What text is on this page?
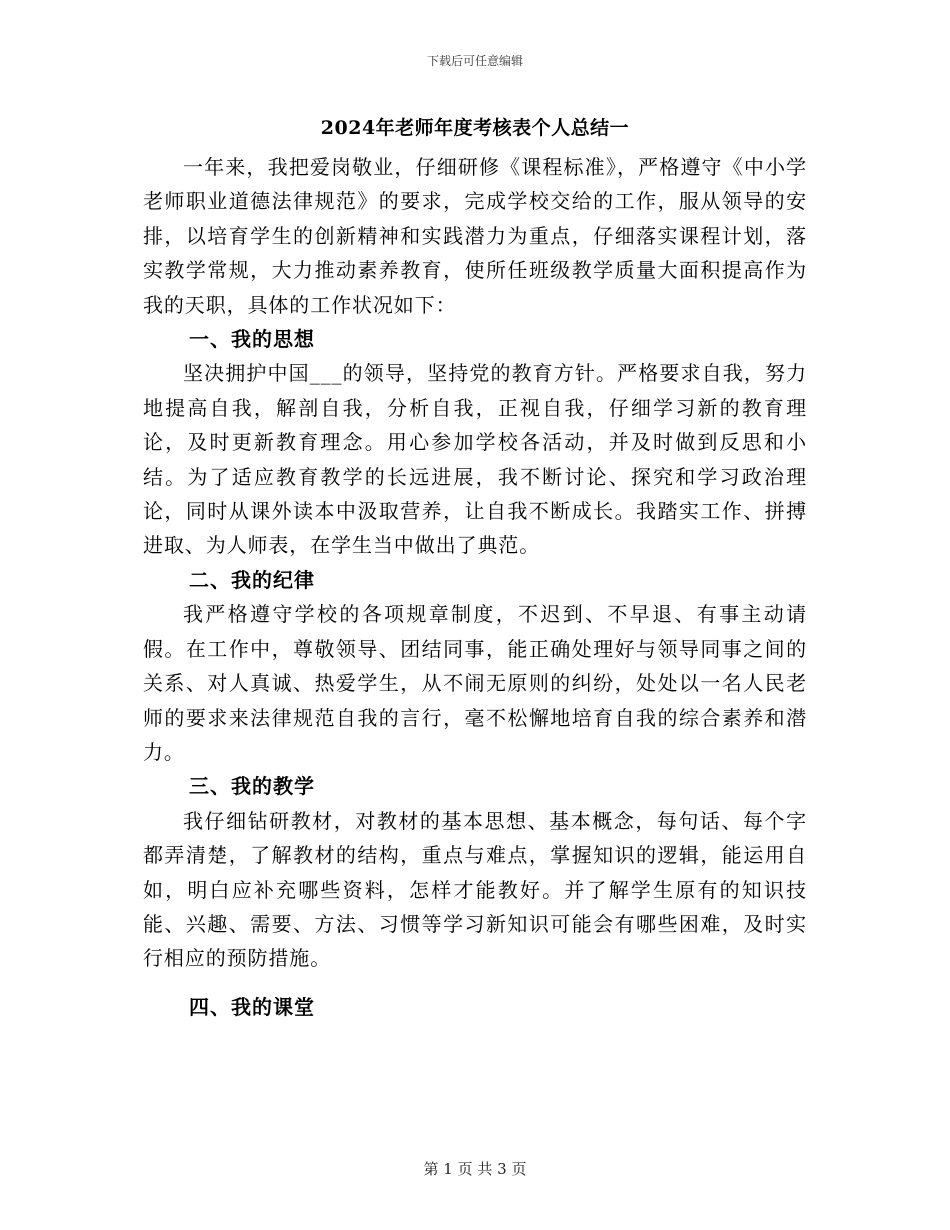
下载后可任意编辑
2024年老师年度考核表个人总结一

一年来，我把爱岗敬业，仔细研修《课程标准》，严格遵守《中小学老师职业道德法律规范》的要求，完成学校交给的工作，服从领导的安排，以培育学生的创新精神和实践潜力为重点，仔细落实课程计划，落实教学常规，大力推动素养教育，使所任班级教学质量大面积提高作为我的天职，具体的工作状况如下：

一、我的思想

坚决拥护中国___的领导，坚持党的教育方针。严格要求自我，努力地提高自我，解剖自我，分析自我，正视自我，仔细学习新的教育理论，及时更新教育理念。用心参加学校各活动，并及时做到反思和小结。为了适应教育教学的长远进展，我不断讨论、探究和学习政治理论，同时从课外读本中汲取营养，让自我不断成长。我踏实工作、拼搏进取、为人师表，在学生当中做出了典范。

二、我的纪律

我严格遵守学校的各项规章制度，不迟到、不早退、有事主动请假。在工作中，尊敬领导、团结同事，能正确处理好与领导同事之间的关系、对人真诚、热爱学生，从不闹无原则的纠纷，处处以一名人民老师的要求来法律规范自我的言行，毫不松懈地培育自我的综合素养和潜力。

三、我的教学

我仔细钻研教材，对教材的基本思想、基本概念，每句话、每个字都弄清楚，了解教材的结构，重点与难点，掌握知识的逻辑，能运用自如，明白应补充哪些资料，怎样才能教好。并了解学生原有的知识技能、兴趣、需要、方法、习惯等学习新知识可能会有哪些困难，及时实行相应的预防措施。

四、我的课堂

第 1 页 共 3 页
